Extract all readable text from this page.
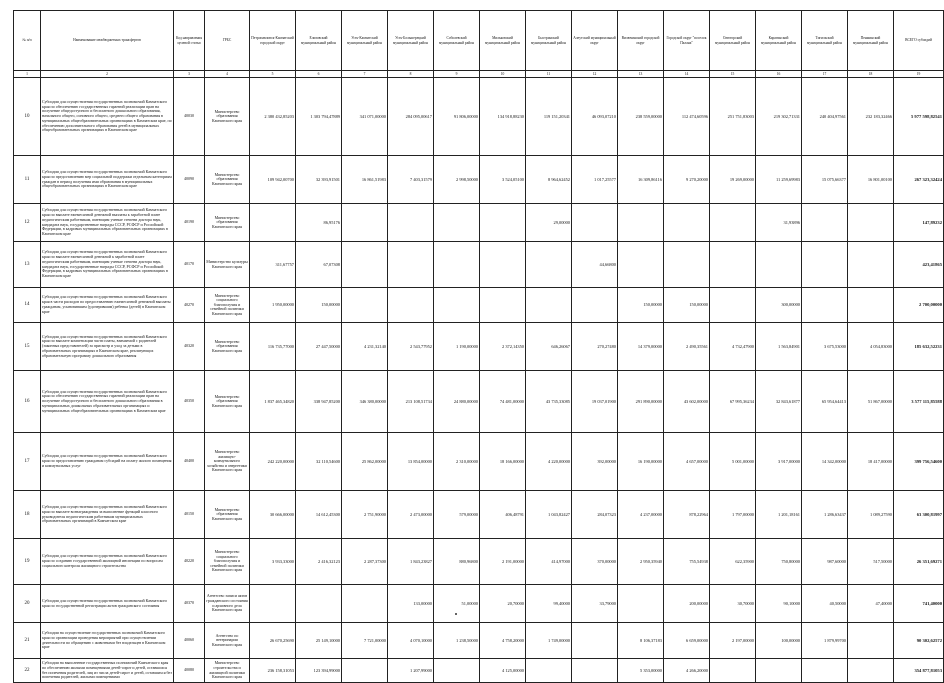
№ п/п	Наименование межбюджетных трансфертов	Код направления целевой статьи	ГРБС	Петропавловск-Камчатский городской округ	Елизовский муниципальный район	Усть-Камчатский муниципальный район	Усть-Большерецкий муниципальный район	Соболевский муниципальный район	Мильковский муниципальный район	Быстринский муниципальный район	Алеутский муниципальный округ	Вилючинский городской округ	Городской округ "поселок Палана"	Олюторский муниципальный район	Карагинский муниципальный район	Тигильский муниципальный район	Пенжинский муниципальный район	ВСЕГО субсидий
1	2	3	4	5	6	7	8	9	10	11	12	13	14	15	16	17	18	19
10	Субсидии для осуществления государственных полномочий Камчатского края по обеспечению государственных гарантий реализации прав на получение общедоступного и бесплатного дошкольного образования, начального общего, основного общего, среднего общего образования в муниципальных общеобразовательных организациях в Камчатском крае, по обеспечению дополнительного образования детей в муниципальных общеобразовательных организациях в Камчатском крае	40030	Министерство образования Камчатского края	2 380 432,85203	1 303 794,47889	341 071,00000	284 095,00617	91 806,00000	134 918,88230	119 151,20341	46 093,07210	238 559,00000	112 474,60596	251 751,83003	219 302,71331	240 404,97561	232 183,32466	5 977 598,82541
11	Субсидии для осуществления государственных полномочий Камчатского края по предоставлению мер социальной поддержки отдельным категориям граждан в период получения ими образования в муниципальных общеобразовательных организациях в Камчатском крае	40090	Министерство образования Камчатского края	109 942,00700	32 393,91501	16 861,51983	7 403,31579	2 998,50000	3 524,05100	8 964,62452	1 017,25577	16 309,86116	9 270,20000	19 269,00000	11 259,69983	15 075,66377	16 801,00100	267 323,32424
12	Субсидии для осуществления государственных полномочий Камчатского края по выплате ежемесячной денежной выплаты к заработной плате педагогическим работникам, имеющим ученые степени доктора наук, кандидата наук, государственные награды СССР, РСФСР и Российской Федерации, в кадровых муниципальных образовательных организациях в Камчатском крае	40190	Министерство образования Камчатского края		86,95176					29,00000					31,93896			147,89232
13	Субсидии для осуществления государственных полномочий Камчатского края по выплате ежемесячной денежной к заработной плате педагогическим работникам, имеющим ученые степени доктора наук, кандидата наук, государственные награды СССР, РСФСР и Российской Федерации, в кадровых муниципальных образовательных организациях в Камчатском крае	40170	Министерство культуры Камчатского края	311,67757	67,07308						44,66800							423,41865
14	Субсидии для осуществления государственных полномочий Камчатского края в части расходов по предоставлению ежемесячной денежной выплаты гражданам, усыновившим (удочерившим) ребенка (детей) в Камчатском крае	40270	Министерство социального благополучия и семейной политики Камчатского края	1 950,00000	150,00000							150,00000	150,00000		300,00000			2 700,00000
15	Субсидии для осуществления государственных полномочий Камчатского края по выплате компенсации части платы, взимаемой с родителей (законных представителей) за присмотр и уход за детьми в образовательных организациях в Камчатском крае, реализующих образовательную программу дошкольного образования	40320	Министерство образования Камчатского края	116 735,77000	27 447,50000	4 231,32140	2 543,77952	1 190,00000	2 372,14350	646,26067	270,27480	14 379,00000	2 490,35561	4 732,47900	1 563,84901	3 675,53000	4 054,83000	185 632,52231
16	Субсидии для осуществления государственных полномочий Камчатского края по обеспечению государственных гарантий реализации прав на получение общедоступного и бесплатного дошкольного образования в муниципальных дошкольных образовательных организациях и муниципальных общеобразовательных организациях в Камчатском крае	40350	Министерство образования Камчатского края	1 837 465,34820	338 947,85200	346 380,00000	213 108,51734	24 880,00000	74 481,00000	43 735,33085	19 037,01900	291 890,00000	43 602,00000	67 995,36234	32 843,61877	65 954,64413	51 867,00000	3 577 115,85588
17	Субсидии для осуществления государственных полномочий Камчатского края по предоставлению гражданам субсидий на оплату жилого помещения и коммунальных услуг	40400	Министерство жилищно-коммунального хозяйства и энергетики Камчатского края	242 220,00000	32 110,54600	25 862,00000	13 854,00000	2 310,00000	18 166,00000	4 220,00000	392,00000	16 190,00000	4 657,00000	5 001,00000	3 917,00000	14 342,00000	18 417,00000	399 756,54600
18	Субсидии для осуществления государственных полномочий Камчатского края по выплате вознаграждения за выполнение функций классного руководителя педагогическим работникам муниципальных образовательных организаций в Камчатском крае	40150	Министерство образования Камчатского края	30 666,00000	14 612,45300	2 751,90000	2 473,00000	579,00000	406,48791	1 043,82427	284,07323	4 237,00000	878,22964	1 797,00000	1 201,18161	1 286,63437	1 089,27590	63 300,81997
19	Субсидии для осуществления государственных полномочий Камчатского края по созданию государственной жилищной инспекции по вопросам социального контроля жилищного строительства	40220	Министерство социального благополучия и семейной политики Камчатского края	3 933,33000	2 416,32123	2 287,37300	1 843,23827	880,96800	2 191,00000	414,97000	370,00000	2 950,35940	755,54938	622,35900	750,80000	987,60000	517,50000	26 351,69271
20	Субсидии для осуществления государственных полномочий Камчатского края по государственной регистрации актов гражданского состояния	40370	Агентство записи актов гражданского состояния и архивного дела Камчатского края				133,00000	51,00000	20,70000	99,40000	33,79000		200,00000	30,70000	90,10000	40,50000	47,40000	741,40000
21	Субсидии на осуществление государственных полномочий Камчатского края по организации проведения мероприятий при осуществлении деятельности по обращению с животными без владельцев в Камчатском крае	40060	Агентство по ветеринарии Камчатского края	26 670,25690	25 149,10000	7 721,00000	4 070,10000	1 238,50000	4 758,20000	1 749,00000		8 106,37183	6 659,00000	2 197,00000	100,00000	1 879,99700		90 302,62572
22	Субсидии на выполнение государственных полномочий Камчатского края по обеспечению жилыми помещениями детей-сирот и детей, оставшихся без попечения родителей, лиц из числа детей-сирот и детей, оставшихся без попечения родителей, жилыми помещениями	40080	Министерство строительства и жилищной политики Камчатского края	236 158,31053	123 394,99000		1 207,99000		4 125,00000			5 353,00000	4 266,20000					354 877,81053
